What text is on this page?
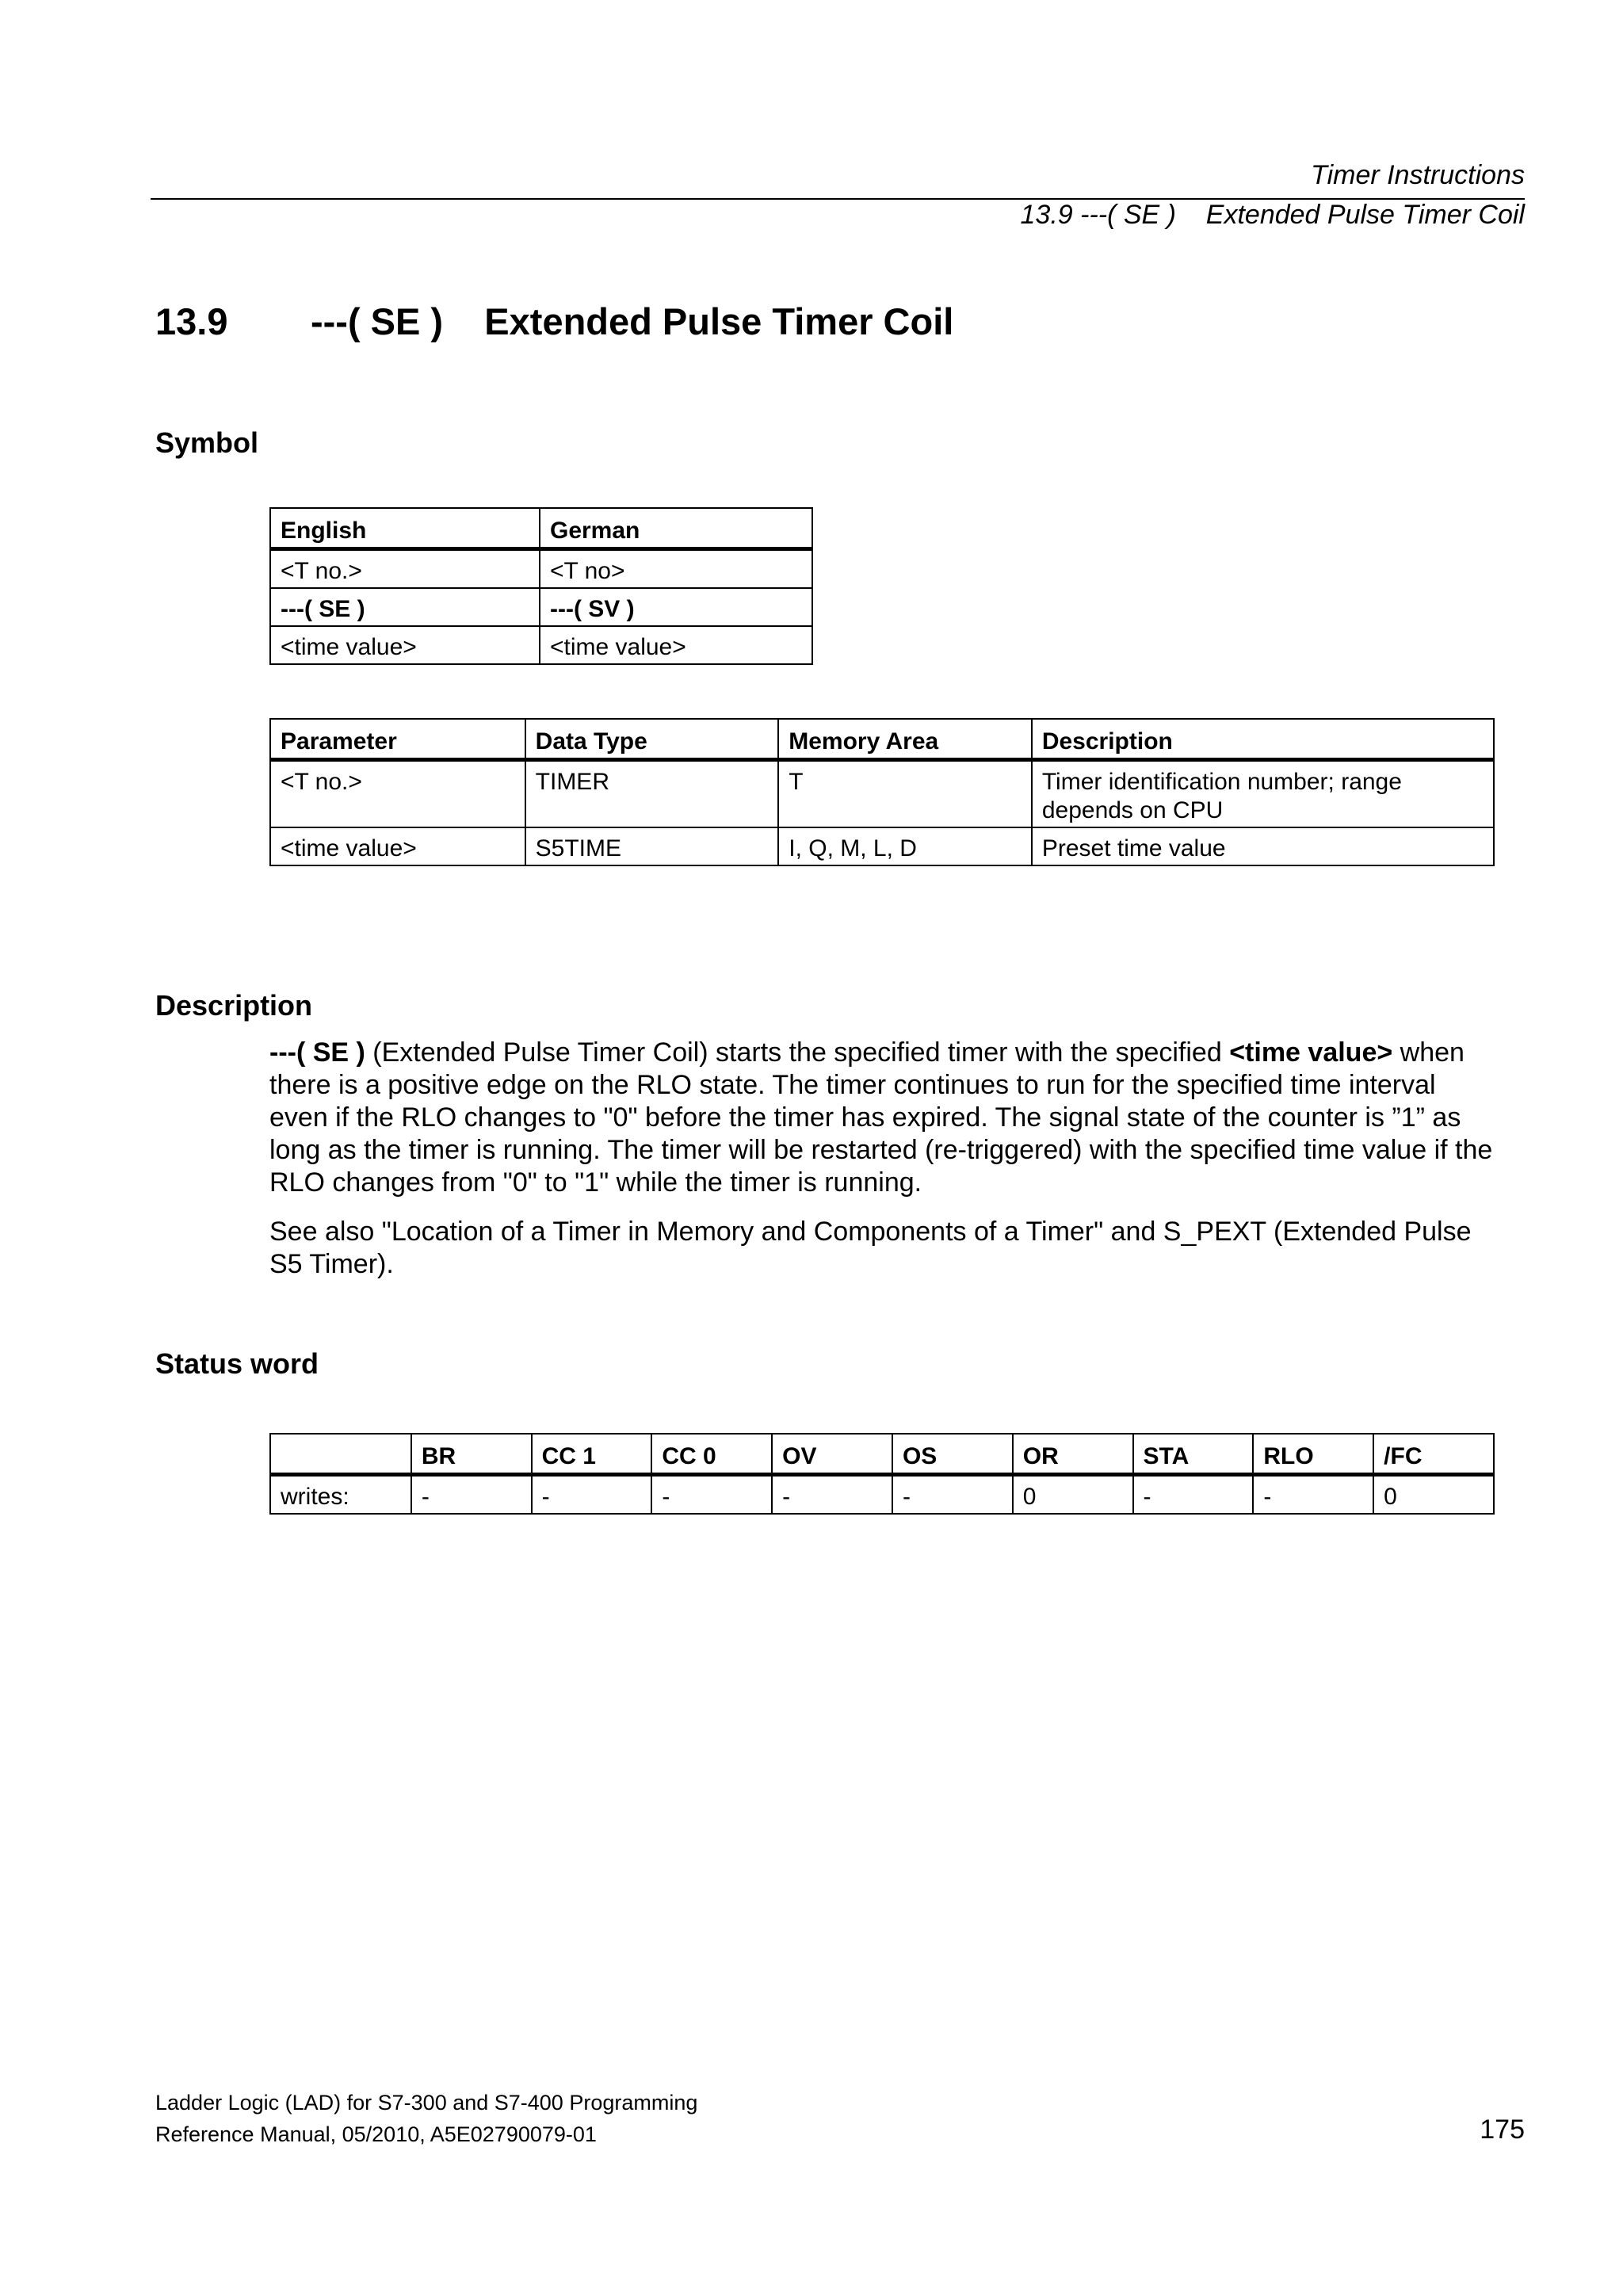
Timer Instructions
13.9 ---( SE )    Extended Pulse Timer Coil
13.9 ---( SE )    Extended Pulse Timer Coil
Symbol
English	German
<T no.>	<T no>
---( SE )	---( SV )
<time value>	<time value>
Parameter	Data Type	Memory Area	Description
<T no.>	TIMER	T	Timer identification number; range depends on CPU
<time value>	S5TIME	I, Q, M, L, D	Preset time value
Description
---( SE ) (Extended Pulse Timer Coil) starts the specified timer with the specified <time value> when there is a positive edge on the RLO state. The timer continues to run for the specified time interval even if the RLO changes to "0" before the timer has expired. The signal state of the counter is ”1” as long as the timer is running. The timer will be restarted (re-triggered) with the specified time value if the RLO changes from "0" to "1" while the timer is running.
See also "Location of a Timer in Memory and Components of a Timer" and S_PEXT (Extended Pulse S5 Timer).
Status word
	BR	CC 1	CC 0	OV	OS	OR	STA	RLO	/FC
writes:	-	-	-	-	-	0	-	-	0
Ladder Logic (LAD) for S7-300 and S7-400 Programming
Reference Manual, 05/2010, A5E02790079-01	175
